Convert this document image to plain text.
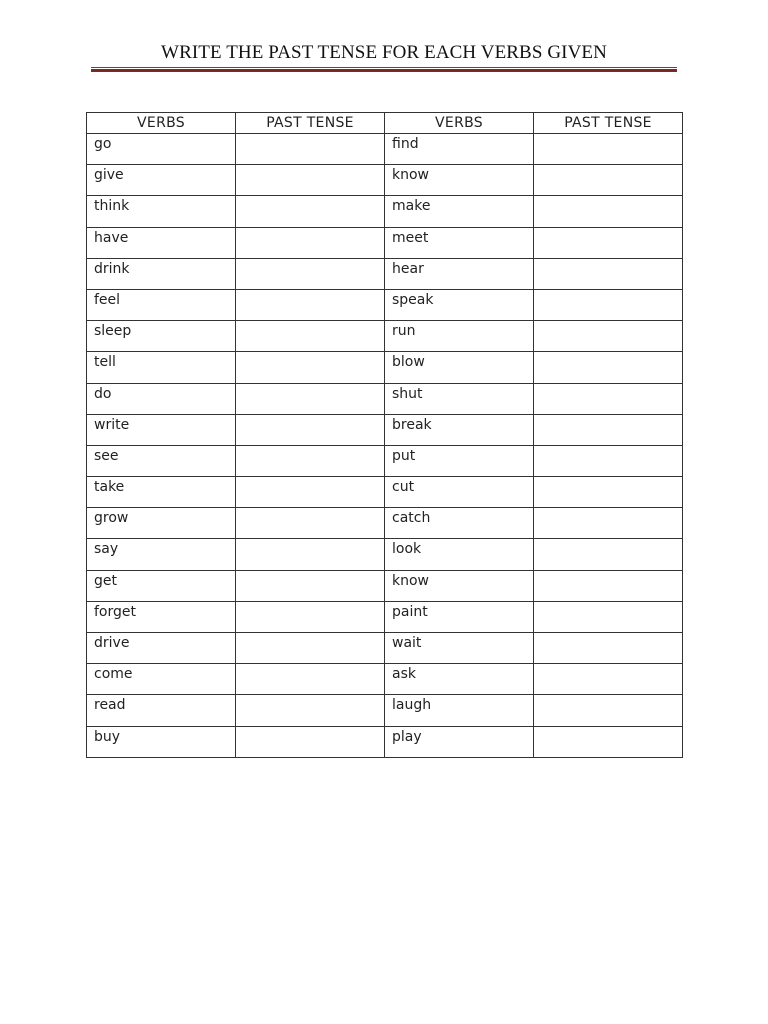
WRITE THE PAST TENSE FOR EACH VERBS GIVEN
VERBS	PAST TENSE	VERBS	PAST TENSE
go		find	
give		know	
think		make	
have		meet	
drink		hear	
feel		speak	
sleep		run	
tell		blow	
do		shut	
write		break	
see		put	
take		cut	
grow		catch	
say		look	
get		know	
forget		paint	
drive		wait	
come		ask	
read		laugh	
buy		play	
